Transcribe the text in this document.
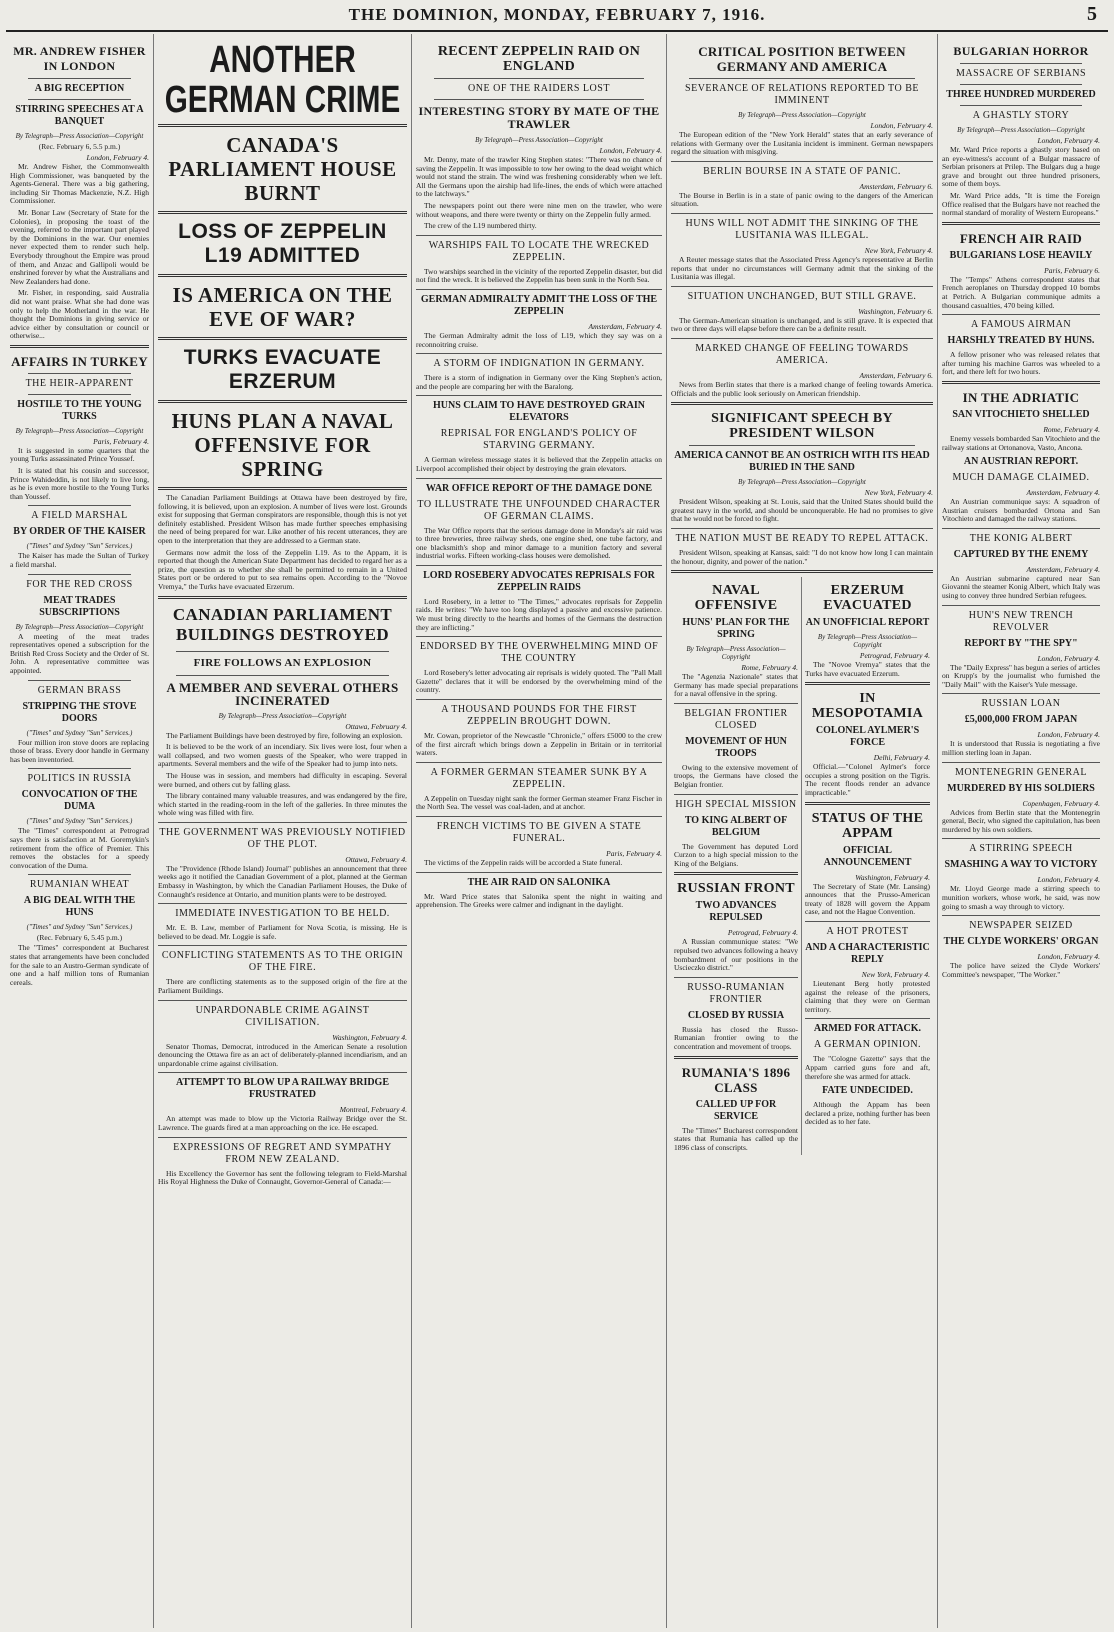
THE DOMINION, MONDAY, FEBRUARY 7, 1916.	5
MR. ANDREW FISHER IN LONDON
A BIG RECEPTION
STIRRING SPEECHES AT A BANQUET
By Telegraph—Press Association—Copyright
(Rec. February 6, 5.5 p.m.)
London, February 4.

Mr. Andrew Fisher, the Commonwealth High Commissioner, was banqueted by the Agents-General. There was a big gathering, including Sir Thomas Mackenzie, N.Z. High Commissioner.

Mr. Bonar Law (Secretary of State for the Colonies), in proposing the toast of the evening, referred to the important part played by the Dominions in the war. Our enemies never expected them to render such help. Everybody throughout the Empire was proud of them, and Anzac and Gallipoli would be enshrined forever by what the Australians and New Zealanders had done.

Mr. Fisher, in responding, said Australia did not want praise. What she had done was only to help the Motherland in the war. He thought the Dominions in giving service or advice either by consultation or council or otherwise...

AFFAIRS IN TURKEY
THE HEIR-APPARENT
HOSTILE TO THE YOUNG TURKS
By Telegraph—Press Association—Copyright
Paris, February 4.

It is suggested in some quarters that the young Turks assassinated Prince Youssef.

It is stated that his cousin and successor, Prince Wahideddin, is not likely to live long, as he is even more hostile to the Young Turks than Youssef.

A FIELD MARSHAL
BY ORDER OF THE KAISER
("Times" and Sydney "Sun" Services.)

The Kaiser has made the Sultan of Turkey a field marshal.

FOR THE RED CROSS
MEAT TRADES SUBSCRIPTIONS
By Telegraph—Press Association—Copyright

A meeting of the meat trades representatives opened a subscription for the British Red Cross Society and the Order of St. John. A representative committee was appointed.

GERMAN BRASS
STRIPPING THE STOVE DOORS
("Times" and Sydney "Sun" Services.)

Four million iron stove doors are replacing those of brass. Every door handle in Germany has been inventoried.

POLITICS IN RUSSIA
CONVOCATION OF THE DUMA
("Times" and Sydney "Sun" Services.)

The "Times" correspondent at Petrograd says there is satisfaction at M. Goremykin's retirement from the office of Premier. This removes the obstacles for a speedy convocation of the Duma.

RUMANIAN WHEAT
A BIG DEAL WITH THE HUNS
("Times" and Sydney "Sun" Services.)
(Rec. February 6, 5.45 p.m.)

The "Times" correspondent at Bucharest states that arrangements have been concluded for the sale to an Austro-German syndicate of one and a half million tons of Rumanian cereals.

ANOTHER GERMAN CRIME
CANADA'S PARLIAMENT HOUSE BURNT
LOSS OF ZEPPELIN L19 ADMITTED
IS AMERICA ON THE EVE OF WAR?
TURKS EVACUATE ERZERUM
HUNS PLAN A NAVAL OFFENSIVE FOR SPRING

The Canadian Parliament Buildings at Ottawa have been destroyed by fire, following, it is believed, upon an explosion. A number of lives were lost. Grounds exist for supposing that German conspirators are responsible, though this is not yet definitely established. President Wilson has made further speeches emphasising the need of being prepared for war. Like another of his recent utterances, they are open to the interpretation that they are addressed to a German state.

Germans now admit the loss of the Zeppelin L19. As to the Appam, it is reported that though the American State Department has decided to regard her as a prize, the question as to whether she shall be permitted to remain in a United States port or be ordered to put to sea remains open. According to the "Novoe Vremya," the Turks have evacuated Erzerum.

CANADIAN PARLIAMENT BUILDINGS DESTROYED
FIRE FOLLOWS AN EXPLOSION
A MEMBER AND SEVERAL OTHERS INCINERATED
By Telegraph—Press Association—Copyright
Ottawa, February 4.

The Parliament Buildings have been destroyed by fire, following an explosion.

It is believed to be the work of an incendiary. Six lives were lost, four when a wall collapsed, and two women guests of the Speaker, who were trapped in apartments. Several members and the wife of the Speaker had to jump into nets.

The House was in session, and members had difficulty in escaping. Several were burned, and others cut by falling glass.

The library contained many valuable treasures, and was endangered by the fire, which started in the reading-room in the left of the galleries. In three minutes the whole wing was filled with fire.

THE GOVERNMENT WAS PREVIOUSLY NOTIFIED OF THE PLOT.
Ottawa, February 4.

The "Providence (Rhode Island) Journal" publishes an announcement that three weeks ago it notified the Canadian Government of a plot, planned at the German Embassy in Washington, by which the Canadian Parliament Houses, the Duke of Connaught's residence at Ontario, and munition plants were to be destroyed.

IMMEDIATE INVESTIGATION TO BE HELD.

Mr. E. B. Law, member of Parliament for Nova Scotia, is missing. He is believed to be dead. Mr. Loggie is safe.

CONFLICTING STATEMENTS AS TO THE ORIGIN OF THE FIRE.

There are conflicting statements as to the supposed origin of the fire at the Parliament Buildings.

UNPARDONABLE CRIME AGAINST CIVILISATION.
Washington, February 4.

Senator Thomas, Democrat, introduced in the American Senate a resolution denouncing the Ottawa fire as an act of deliberately-planned incendiarism, and an unpardonable crime against civilisation.

ATTEMPT TO BLOW UP A RAILWAY BRIDGE FRUSTRATED
Montreal, February 4.

An attempt was made to blow up the Victoria Railway Bridge over the St. Lawrence. The guards fired at a man approaching on the ice. He escaped.

EXPRESSIONS OF REGRET AND SYMPATHY FROM NEW ZEALAND.

His Excellency the Governor has sent the following telegram to Field-Marshal His Royal Highness the Duke of Connaught, Governor-General of Canada:—

RECENT ZEPPELIN RAID ON ENGLAND
ONE OF THE RAIDERS LOST
INTERESTING STORY BY MATE OF THE TRAWLER
By Telegraph—Press Association—Copyright
London, February 4.

Mr. Denny, mate of the trawler King Stephen states: "There was no chance of saving the Zeppelin. It was impossible to tow her owing to the dead weight which would not stand the strain. The wind was freshening considerably when we left. All the Germans upon the airship had life-lines, the ends of which were attached to the latchways."

The newspapers point out there were nine men on the trawler, who were without weapons, and there were twenty or thirty on the Zeppelin fully armed.

The crew of the L19 numbered thirty.

WARSHIPS FAIL TO LOCATE THE WRECKED ZEPPELIN.

Two warships searched in the vicinity of the reported Zeppelin disaster, but did not find the wreck. It is believed the Zeppelin has been sunk in the North Sea.

GERMAN ADMIRALTY ADMIT THE LOSS OF THE ZEPPELIN
Amsterdam, February 4.

The German Admiralty admit the loss of L19, which they say was on a reconnoitring cruise.

A STORM OF INDIGNATION IN GERMANY.

There is a storm of indignation in Germany over the King Stephen's action, and the people are comparing her with the Baralong.

HUNS CLAIM TO HAVE DESTROYED GRAIN ELEVATORS
REPRISAL FOR ENGLAND'S POLICY OF STARVING GERMANY.

A German wireless message states it is believed that the Zeppelin attacks on Liverpool accomplished their object by destroying the grain elevators.

WAR OFFICE REPORT OF THE DAMAGE DONE
TO ILLUSTRATE THE UNFOUNDED CHARACTER OF GERMAN CLAIMS.

The War Office reports that the serious damage done in Monday's air raid was to three breweries, three railway sheds, one engine shed, one tube factory, and one blacksmith's shop and minor damage to a munition factory and several industrial works. Fifteen working-class houses were demolished.

LORD ROSEBERY ADVOCATES REPRISALS FOR ZEPPELIN RAIDS

Lord Rosebery, in a letter to "The Times," advocates reprisals for Zeppelin raids. He writes: "We have too long displayed a passive and excessive patience. We must bring directly to the hearths and homes of the Germans the destruction they are inflicting."

ENDORSED BY THE OVERWHELMING MIND OF THE COUNTRY

Lord Rosebery's letter advocating air reprisals is widely quoted. The "Pall Mall Gazette" declares that it will be endorsed by the overwhelming mind of the country.

A THOUSAND POUNDS FOR THE FIRST ZEPPELIN BROUGHT DOWN.

Mr. Cowan, proprietor of the Newcastle "Chronicle," offers £5000 to the crew of the first aircraft which brings down a Zeppelin in Britain or in territorial waters.

A FORMER GERMAN STEAMER SUNK BY A ZEPPELIN.

A Zeppelin on Tuesday night sank the former German steamer Franz Fischer in the North Sea. The vessel was coal-laden, and at anchor.

FRENCH VICTIMS TO BE GIVEN A STATE FUNERAL.
Paris, February 4.

The victims of the Zeppelin raids will be accorded a State funeral.

THE AIR RAID ON SALONIKA

Mr. Ward Price states that Salonika spent the night in waiting and apprehension. The Greeks were calmer and indignant in the daylight.

CRITICAL POSITION BETWEEN GERMANY AND AMERICA
SEVERANCE OF RELATIONS REPORTED TO BE IMMINENT
By Telegraph—Press Association—Copyright
London, February 4.

The European edition of the "New York Herald" states that an early severance of relations with Germany over the Lusitania incident is imminent. German newspapers regard the situation with misgiving.

BERLIN BOURSE IN A STATE OF PANIC.
Amsterdam, February 6.

The Bourse in Berlin is in a state of panic owing to the dangers of the American situation.

HUNS WILL NOT ADMIT THE SINKING OF THE LUSITANIA WAS ILLEGAL.
New York, February 4.

A Reuter message states that the Associated Press Agency's representative at Berlin reports that under no circumstances will Germany admit that the sinking of the Lusitania was illegal.

SITUATION UNCHANGED, BUT STILL GRAVE.
Washington, February 6.

The German-American situation is unchanged, and is still grave. It is expected that two or three days will elapse before there can be a definite result.

MARKED CHANGE OF FEELING TOWARDS AMERICA.
Amsterdam, February 6.

News from Berlin states that there is a marked change of feeling towards America. Officials and the public look seriously on American friendship.

SIGNIFICANT SPEECH BY PRESIDENT WILSON
AMERICA CANNOT BE AN OSTRICH WITH ITS HEAD BURIED IN THE SAND
By Telegraph—Press Association—Copyright
New York, February 4.

President Wilson, speaking at St. Louis, said that the United States should build the greatest navy in the world, and should be unconquerable. He had no promises to give that he would not be forced to fight.

THE NATION MUST BE READY TO REPEL ATTACK.

President Wilson, speaking at Kansas, said: "I do not know how long I can maintain the honour, dignity, and power of the nation."

NAVAL OFFENSIVE
HUNS' PLAN FOR THE SPRING
By Telegraph—Press Association—Copyright
Rome, February 4.

The "Agenzia Nazionale" states that Germany has made special preparations for a naval offensive in the spring.

BELGIAN FRONTIER CLOSED
MOVEMENT OF HUN TROOPS

Owing to the extensive movement of troops, the Germans have closed the Belgian frontier.

HIGH SPECIAL MISSION
TO KING ALBERT OF BELGIUM

The Government has deputed Lord Curzon to a high special mission to the King of the Belgians.

RUSSIAN FRONT
TWO ADVANCES REPULSED
Petrograd, February 4.

A Russian communique states: "We repulsed two advances following a heavy bombardment of our positions in the Uscieczko district."

RUSSO-RUMANIAN FRONTIER
CLOSED BY RUSSIA

Russia has closed the Russo-Rumanian frontier owing to the concentration and movement of troops.

RUMANIA'S 1896 CLASS
CALLED UP FOR SERVICE

The "Times'" Bucharest correspondent states that Rumania has called up the 1896 class of conscripts.

ERZERUM EVACUATED
AN UNOFFICIAL REPORT
By Telegraph—Press Association—Copyright
Petrograd, February 4.

The "Novoe Vremya" states that the Turks have evacuated Erzerum.

IN MESOPOTAMIA
COLONEL AYLMER'S FORCE
Delhi, February 4.

Official.—"Colonel Aylmer's force occupies a strong position on the Tigris. The recent floods render an advance impracticable."

STATUS OF THE APPAM
OFFICIAL ANNOUNCEMENT
Washington, February 4.

The Secretary of State (Mr. Lansing) announces that the Prusso-American treaty of 1828 will govern the Appam case, and not the Hague Convention.

A HOT PROTEST
AND A CHARACTERISTIC REPLY
New York, February 4.

Lieutenant Berg hotly protested against the release of the prisoners, claiming that they were on German territory.

ARMED FOR ATTACK.
A GERMAN OPINION.

The "Cologne Gazette" says that the Appam carried guns fore and aft, therefore she was armed for attack.

FATE UNDECIDED.

Although the Appam has been declared a prize, nothing further has been decided as to her fate.

BULGARIAN HORROR
MASSACRE OF SERBIANS
THREE HUNDRED MURDERED
A GHASTLY STORY
By Telegraph—Press Association—Copyright
London, February 4.

Mr. Ward Price reports a ghastly story based on an eye-witness's account of a Bulgar massacre of Serbian prisoners at Prilep. The Bulgars dug a huge grave and brought out three hundred prisoners, some of them boys.

Mr. Ward Price adds, "It is time the Foreign Office realised that the Bulgars have not reached the normal standard of morality of Western Europeans."

FRENCH AIR RAID
BULGARIANS LOSE HEAVILY
Paris, February 6.

The "Temps" Athens correspondent states that French aeroplanes on Thursday dropped 10 bombs at Petrich. A Bulgarian communique admits a thousand casualties, 470 being killed.

A FAMOUS AIRMAN
HARSHLY TREATED BY HUNS.

A fellow prisoner who was released relates that after turning his machine Garros was wheeled to a fort, and there left for two hours.

IN THE ADRIATIC
SAN VITOCHIETO SHELLED
Rome, February 4.

Enemy vessels bombarded San Vitochieto and the railway stations at Ortonanova, Vasto, Ancona.

AN AUSTRIAN REPORT.
MUCH DAMAGE CLAIMED.
Amsterdam, February 4.

An Austrian communique says: A squadron of Austrian cruisers bombarded Ortona and San Vitochieto and damaged the railway stations.

THE KONIG ALBERT
CAPTURED BY THE ENEMY
Amsterdam, February 4.

An Austrian submarine captured near San Giovanni the steamer Konig Albert, which Italy was using to convey three hundred Serbian refugees.

HUN'S NEW TRENCH REVOLVER
REPORT BY "THE SPY"
London, February 4.

The "Daily Express" has begun a series of articles on Krupp's by the journalist who furnished the "Daily Mail" with the Kaiser's Yule message.

RUSSIAN LOAN
£5,000,000 FROM JAPAN
London, February 4.

It is understood that Russia is negotiating a five million sterling loan in Japan.

MONTENEGRIN GENERAL
MURDERED BY HIS SOLDIERS
Copenhagen, February 4.

Advices from Berlin state that the Montenegrin general, Becir, who signed the capitulation, has been murdered by his own soldiers.

A STIRRING SPEECH
SMASHING A WAY TO VICTORY
London, February 4.

Mr. Lloyd George made a stirring speech to munition workers, whose work, he said, was now going to smash a way through to victory.

NEWSPAPER SEIZED
THE CLYDE WORKERS' ORGAN
London, February 4.

The police have seized the Clyde Workers' Committee's newspaper, "The Worker."
